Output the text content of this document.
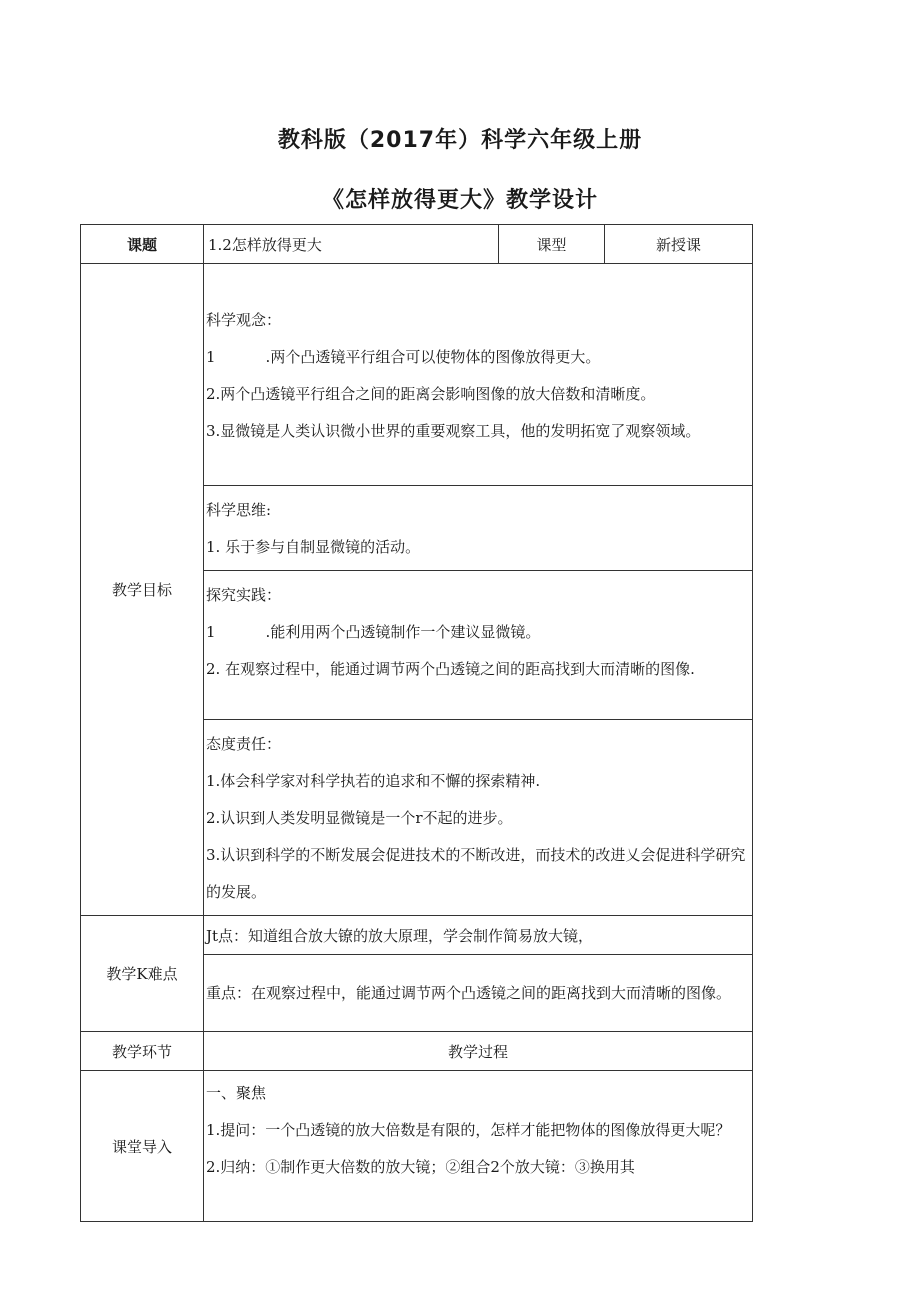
教科版（2017年）科学六年级上册
《怎样放得更大》教学设计
课题	1.2怎样放得更大	课型	新授课
教学目标	科学观念：
1 .两个凸透镜平行组合可以使物体的图像放得更大。
2.两个凸透镜平行组合之间的距离会影响图像的放大倍数和清晰度。
3.显微镜是人类认识微小世界的重要观察工具，他的发明拓宽了观察领域。		

	科学思维:
1. 乐于参与自制显微镜的活动。		

	探究实践：
1 .能利用两个凸透镜制作一个建议显微镜。
2. 在观察过程中，能通过调节两个凸透镜之间的距高找到大而清晰的图像.		

	态度责任：
1.体会科学家对科学执若的追求和不懈的探索精神.
2.认识到人类发明显微镜是一个r不起的进步。
3.认识到科学的不断发展会促进技术的不断改进，而技术的改进乂会促进科学研究的发展。		

教学K难点	Jt点：知道组合放大镣的放大原理，学会制作简易放大镜，		
	重点：在观察过程中，能通过调节两个凸透镜之间的距离找到大而清晰的图像。		
教学环节	教学过程		
课堂导入	一、聚焦
1.提问：一个凸透镜的放大倍数是有限的，怎样才能把物体的图像放得更大呢？
2.归纳：①制作更大倍数的放大镜；②组合2个放大镜：③换用其		
